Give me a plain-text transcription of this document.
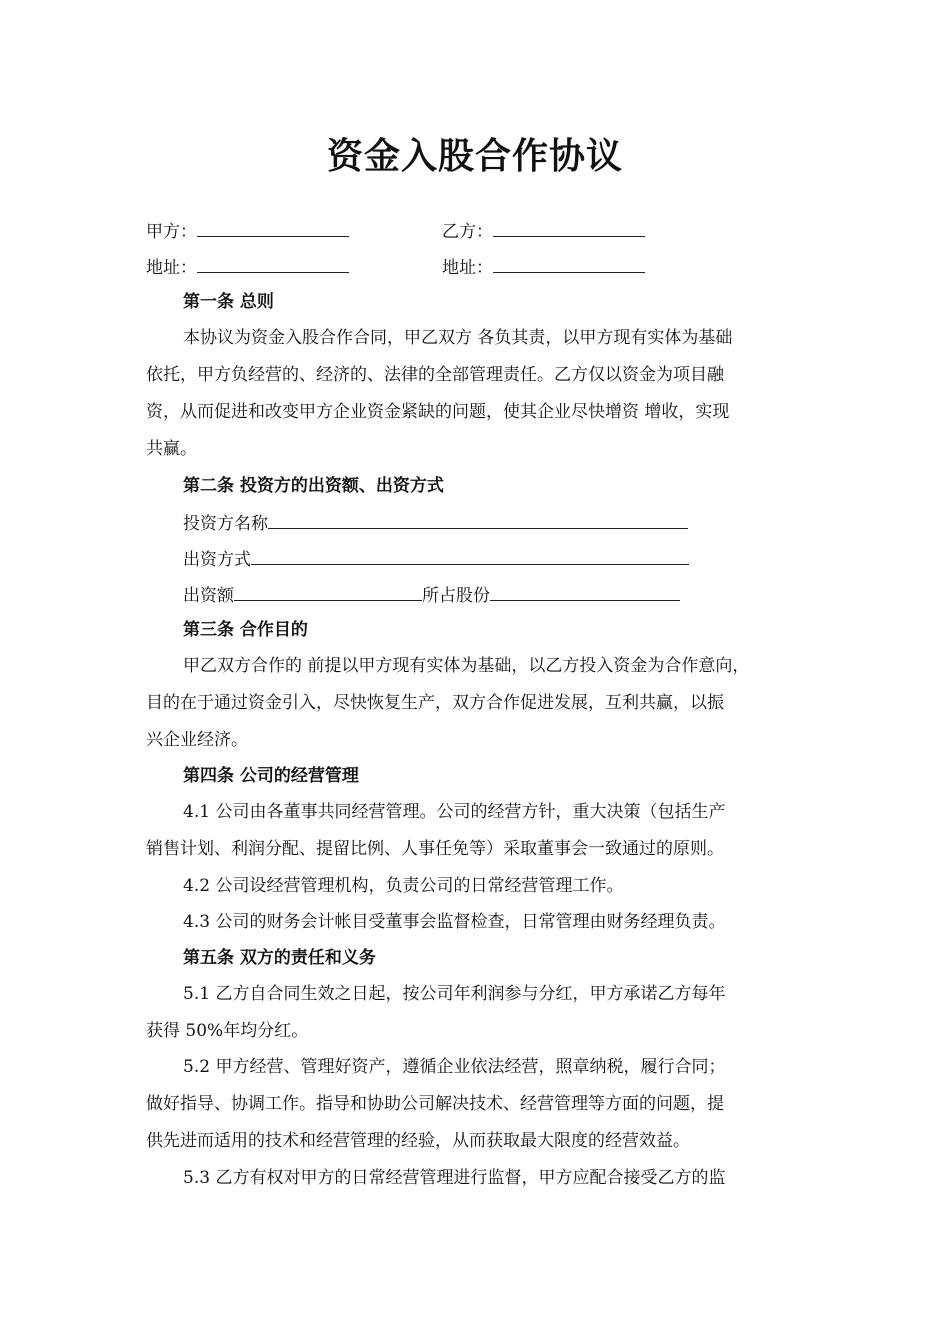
资金入股合作协议
甲方：	乙方：
地址：	地址：
第一条 总则
本协议为资金入股合作合同，甲乙双方 各负其责，以甲方现有实体为基础
依托，甲方负经营的、经济的、法律的全部管理责任。乙方仅以资金为项目融
资，从而促进和改变甲方企业资金紧缺的问题，使其企业尽快增资 增收，实现
共赢。
第二条 投资方的出资额、出资方式
投资方名称
出资方式
出资额	所占股份
第三条 合作目的
甲乙双方合作的 前提以甲方现有实体为基础，以乙方投入资金为合作意向，
目的在于通过资金引入，尽快恢复生产，双方合作促进发展，互利共赢，以振
兴企业经济。
第四条 公司的经营管理
4.1 公司由各董事共同经营管理。公司的经营方针，重大决策（包括生产
销售计划、利润分配、提留比例、人事任免等）采取董事会一致通过的原则。
4.2 公司设经营管理机构，负责公司的日常经营管理工作。
4.3 公司的财务会计帐目受董事会监督检查，日常管理由财务经理负责。
第五条 双方的责任和义务
5.1 乙方自合同生效之日起，按公司年利润参与分红，甲方承诺乙方每年
获得 50%年均分红。
5.2 甲方经营、管理好资产，遵循企业依法经营，照章纳税，履行合同；
做好指导、协调工作。指导和协助公司解决技术、经营管理等方面的问题，提
供先进而适用的技术和经营管理的经验，从而获取最大限度的经营效益。
5.3 乙方有权对甲方的日常经营管理进行监督，甲方应配合接受乙方的监
